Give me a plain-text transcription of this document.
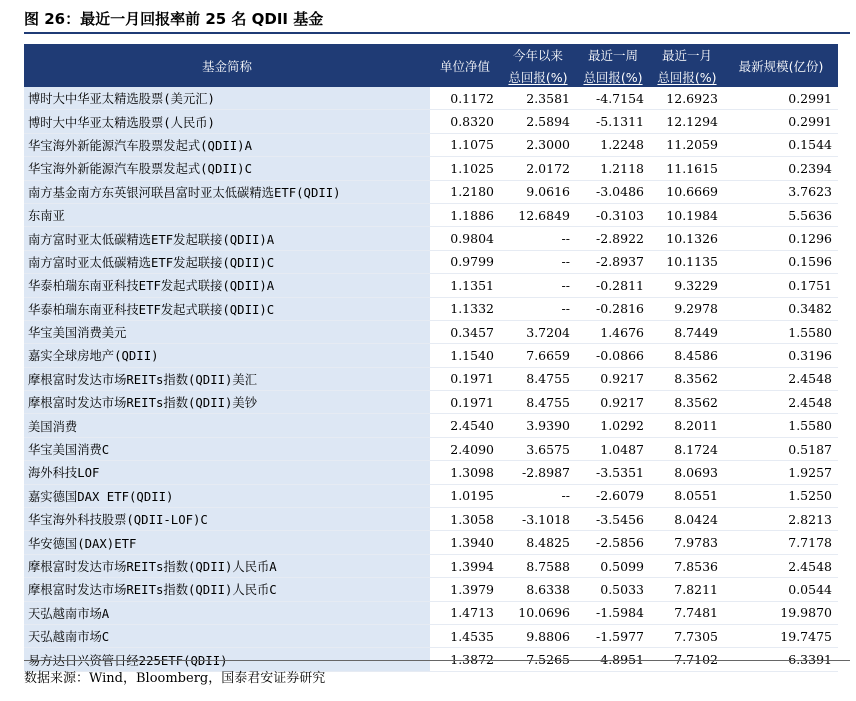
图 26：最近一月回报率前 25 名 QDII 基金
基金简称	单位净值	今年以来	最近一周	最近一月	最新规模(亿份)
		总回报(%)	总回报(%)	总回报(%)	
博时大中华亚太精选股票(美元汇)	0.1172	2.3581	-4.7154	12.6923	0.2991
博时大中华亚太精选股票(人民币)	0.8320	2.5894	-5.1311	12.1294	0.2991
华宝海外新能源汽车股票发起式(QDII)A	1.1075	2.3000	1.2248	11.2059	0.1544
华宝海外新能源汽车股票发起式(QDII)C	1.1025	2.0172	1.2118	11.1615	0.2394
南方基金南方东英银河联昌富时亚太低碳精选ETF(QDII)	1.2180	9.0616	-3.0486	10.6669	3.7623
东南亚	1.1886	12.6849	-0.3103	10.1984	5.5636
南方富时亚太低碳精选ETF发起联接(QDII)A	0.9804	--	-2.8922	10.1326	0.1296
南方富时亚太低碳精选ETF发起联接(QDII)C	0.9799	--	-2.8937	10.1135	0.1596
华泰柏瑞东南亚科技ETF发起式联接(QDII)A	1.1351	--	-0.2811	9.3229	0.1751
华泰柏瑞东南亚科技ETF发起式联接(QDII)C	1.1332	--	-0.2816	9.2978	0.3482
华宝美国消费美元	0.3457	3.7204	1.4676	8.7449	1.5580
嘉实全球房地产(QDII)	1.1540	7.6659	-0.0866	8.4586	0.3196
摩根富时发达市场REITs指数(QDII)美汇	0.1971	8.4755	0.9217	8.3562	2.4548
摩根富时发达市场REITs指数(QDII)美钞	0.1971	8.4755	0.9217	8.3562	2.4548
美国消费	2.4540	3.9390	1.0292	8.2011	1.5580
华宝美国消费C	2.4090	3.6575	1.0487	8.1724	0.5187
海外科技LOF	1.3098	-2.8987	-3.5351	8.0693	1.9257
嘉实德国DAX ETF(QDII)	1.0195	--	-2.6079	8.0551	1.5250
华宝海外科技股票(QDII-LOF)C	1.3058	-3.1018	-3.5456	8.0424	2.8213
华安德国(DAX)ETF	1.3940	8.4825	-2.5856	7.9783	7.7178
摩根富时发达市场REITs指数(QDII)人民币A	1.3994	8.7588	0.5099	7.8536	2.4548
摩根富时发达市场REITs指数(QDII)人民币C	1.3979	8.6338	0.5033	7.8211	0.0544
天弘越南市场A	1.4713	10.0696	-1.5984	7.7481	19.9870
天弘越南市场C	1.4535	9.8806	-1.5977	7.7305	19.7475
易方达日兴资管日经225ETF(QDII)	1.3872	7.5265	-4.8951	7.7102	6.3391
数据来源：Wind，Bloomberg，国泰君安证券研究
